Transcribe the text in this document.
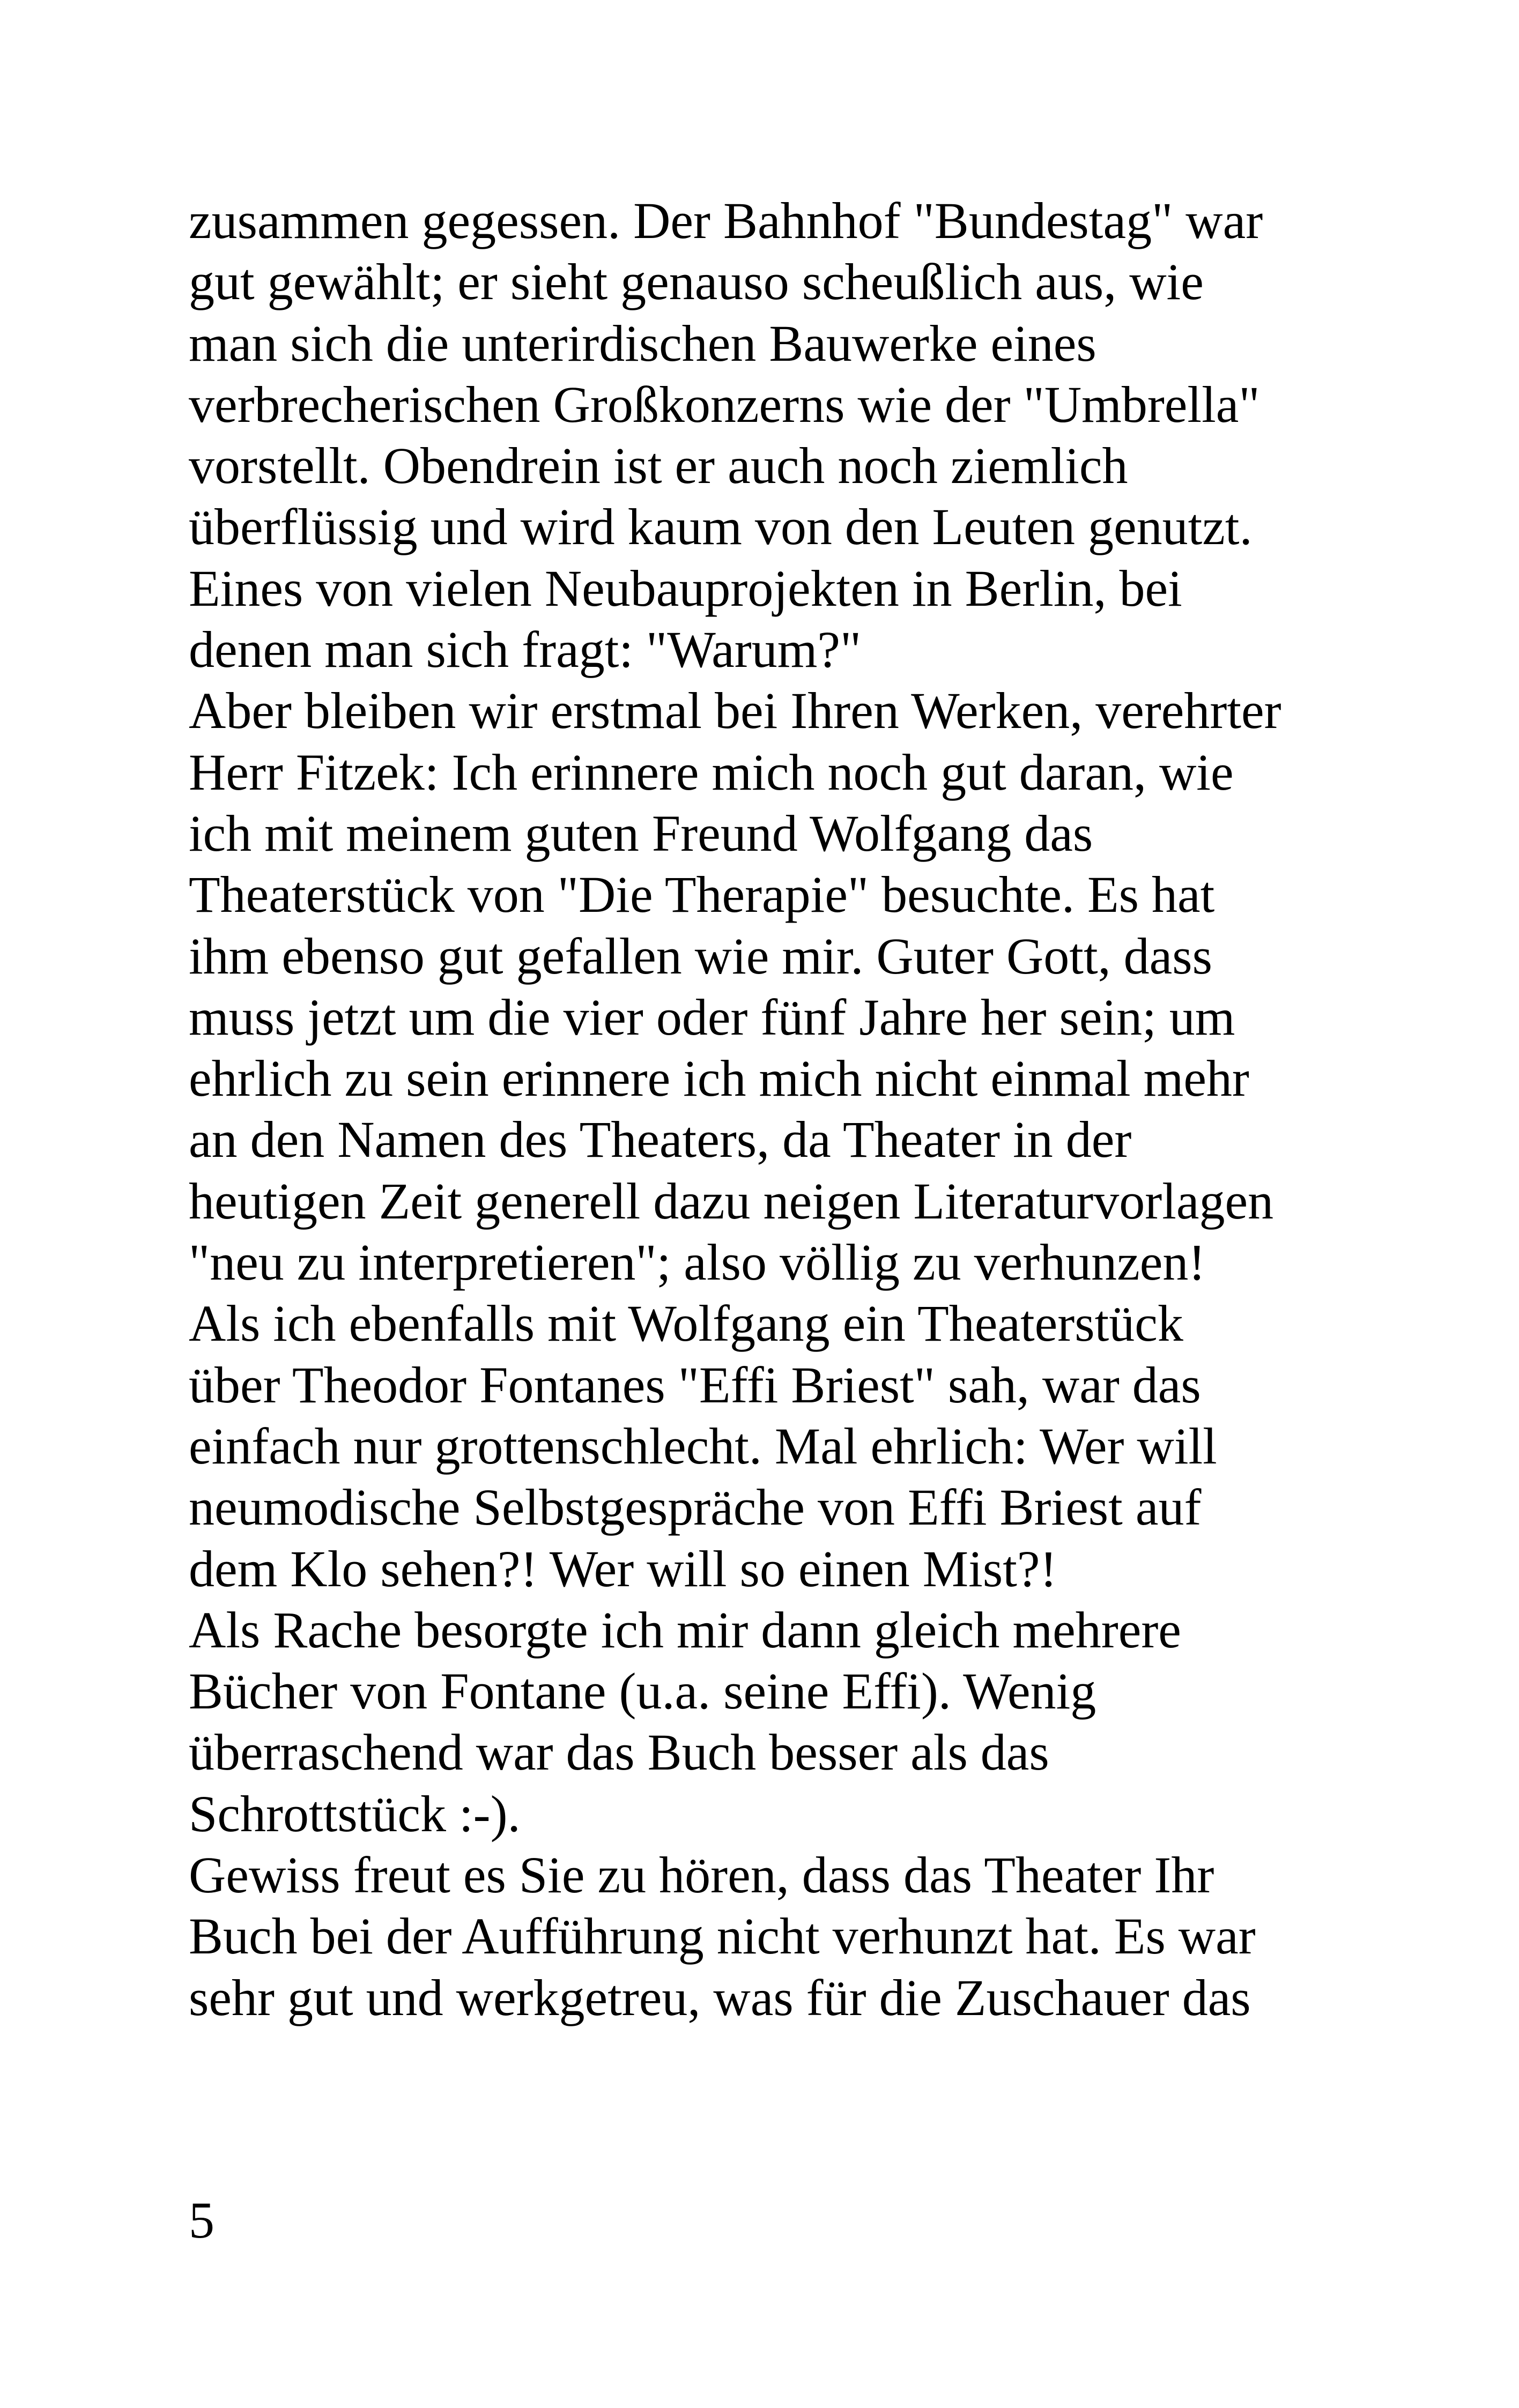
zusammen gegessen. Der Bahnhof "Bundestag" war
gut gewählt; er sieht genauso scheußlich aus, wie
man sich die unterirdischen Bauwerke eines
verbrecherischen Großkonzerns wie der "Umbrella"
vorstellt. Obendrein ist er auch noch ziemlich
überflüssig und wird kaum von den Leuten genutzt.
Eines von vielen Neubauprojekten in Berlin, bei
denen man sich fragt: "Warum?"
Aber bleiben wir erstmal bei Ihren Werken, verehrter
Herr Fitzek: Ich erinnere mich noch gut daran, wie
ich mit meinem guten Freund Wolfgang das
Theaterstück von "Die Therapie" besuchte. Es hat
ihm ebenso gut gefallen wie mir. Guter Gott, dass
muss jetzt um die vier oder fünf Jahre her sein; um
ehrlich zu sein erinnere ich mich nicht einmal mehr
an den Namen des Theaters, da Theater in der
heutigen Zeit generell dazu neigen Literaturvorlagen
"neu zu interpretieren"; also völlig zu verhunzen!
Als ich ebenfalls mit Wolfgang ein Theaterstück
über Theodor Fontanes "Effi Briest" sah, war das
einfach nur grottenschlecht. Mal ehrlich: Wer will
neumodische Selbstgespräche von Effi Briest auf
dem Klo sehen?! Wer will so einen Mist?!
Als Rache besorgte ich mir dann gleich mehrere
Bücher von Fontane (u.a. seine Effi). Wenig
überraschend war das Buch besser als das
Schrottstück :-).
Gewiss freut es Sie zu hören, dass das Theater Ihr
Buch bei der Aufführung nicht verhunzt hat. Es war
sehr gut und werkgetreu, was für die Zuschauer das
5
